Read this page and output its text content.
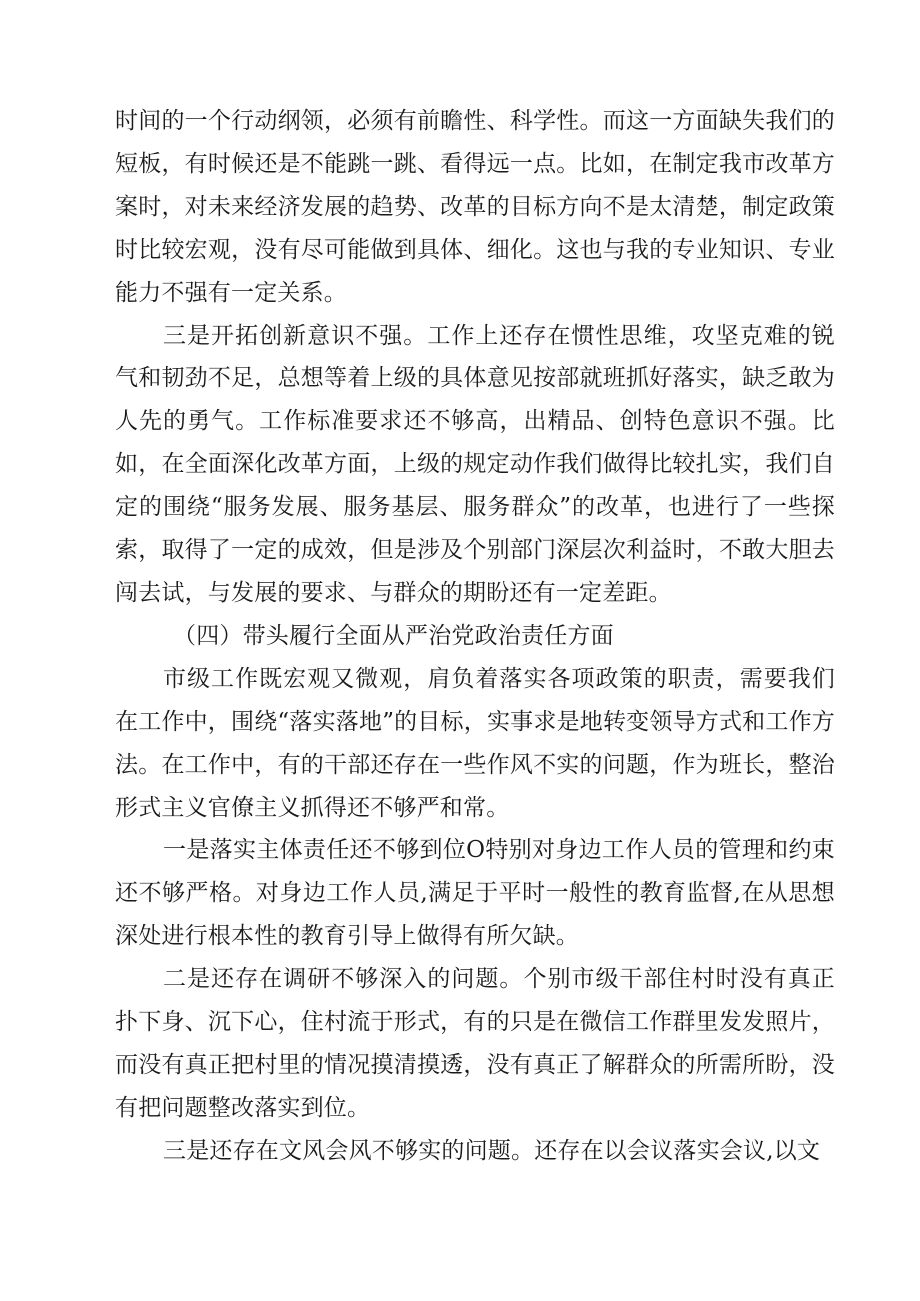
时间的一个行动纲领，必须有前瞻性、科学性。而这一方面缺失我们的短板，有时候还是不能跳一跳、看得远一点。比如，在制定我市改革方案时，对未来经济发展的趋势、改革的目标方向不是太清楚，制定政策时比较宏观，没有尽可能做到具体、细化。这也与我的专业知识、专业能力不强有一定关系。

三是开拓创新意识不强。工作上还存在惯性思维，攻坚克难的锐气和韧劲不足，总想等着上级的具体意见按部就班抓好落实，缺乏敢为人先的勇气。工作标准要求还不够高，出精品、创特色意识不强。比如，在全面深化改革方面，上级的规定动作我们做得比较扎实，我们自定的围绕“服务发展、服务基层、服务群众”的改革，也进行了一些探索，取得了一定的成效，但是涉及个别部门深层次利益时，不敢大胆去闯去试，与发展的要求、与群众的期盼还有一定差距。

（四）带头履行全面从严治党政治责任方面

市级工作既宏观又微观，肩负着落实各项政策的职责，需要我们在工作中，围绕“落实落地”的目标，实事求是地转变领导方式和工作方法。在工作中，有的干部还存在一些作风不实的问题，作为班长，整治形式主义官僚主义抓得还不够严和常。

一是落实主体责任还不够到位O特别对身边工作人员的管理和约束还不够严格。对身边工作人员,满足于平时一般性的教育监督,在从思想深处进行根本性的教育引导上做得有所欠缺。

二是还存在调研不够深入的问题。个别市级干部住村时没有真正扑下身、沉下心，住村流于形式，有的只是在微信工作群里发发照片，而没有真正把村里的情况摸清摸透，没有真正了解群众的所需所盼，没有把问题整改落实到位。

三是还存在文风会风不够实的问题。还存在以会议落实会议,以文
